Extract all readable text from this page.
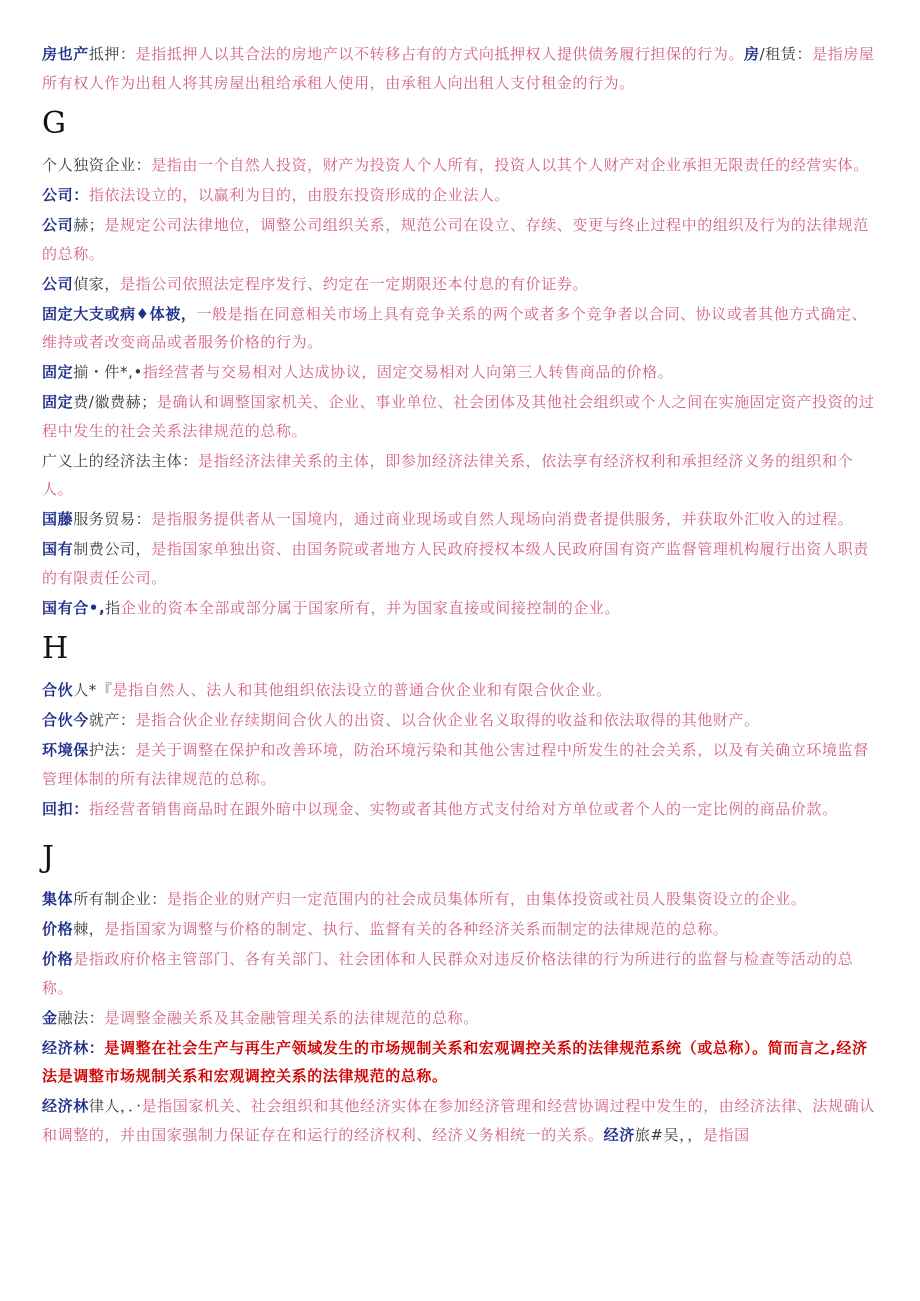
房也产抵押：是指抵押人以其合法的房地产以不转移占有的方式向抵押权人提供债务履行担保的行为。房/租赁：是指房屋所有权人作为出租人将其房屋出租给承租人使用，由承租人向出租人支付租金的行为。

G

个人独资企业：是指由一个自然人投资，财产为投资人个人所有，投资人以其个人财产对企业承担无限责任的经营实体。

公司：指依法设立的，以赢利为目的，由股东投资形成的企业法人。

公司赫；是规定公司法律地位，调整公司组织关系，规范公司在设立、存续、变更与终止过程中的组织及行为的法律规范的总称。

公司偵家，是指公司依照法定程序发行、约定在一定期限还本付息的有价证券。

固定大支或病♦体被，一般是指在同意相关市场上具有竞争关系的两个或者多个竞争者以合同、协议或者其他方式确定、维持或者改变商品或者服务价格的行为。

固定揃・件*,•指经营者与交易相对人达成协议，固定交易相对人向第三人转售商品的价格。

固定费/徽费赫；是确认和调整国家机关、企业、事业单位、社会团体及其他社会组织或个人之间在实施固定资产投资的过程中发生的社会关系法律规范的总称。

广义上的经济法主体：是指经济法律关系的主体，即参加经济法律关系，依法享有经济权利和承担经济义务的组织和个人。

国藤服务贸易：是指服务提供者从一国境内，通过商业现场或自然人现场向消费者提供服务，并获取外汇收入的过程。

国有制费公司，是指国家单独出资、由国务院或者地方人民政府授权本级人民政府国有资产监督管理机构履行出资人职责的有限责任公司。

国有合•,指企业的资本全部或部分属于国家所有，并为国家直接或间接控制的企业。

H

合伙人*『是指自然人、法人和其他组织依法设立的普通合伙企业和有限合伙企业。

合伙今就产：是指合伙企业存续期间合伙人的出资、以合伙企业名义取得的收益和依法取得的其他财产。

环境保护法：是关于调整在保护和改善环境，防治环境污染和其他公害过程中所发生的社会关系，以及有关确立环境监督管理体制的所有法律规范的总称。

回扣：指经营者销售商品时在跟外暗中以现金、实物或者其他方式支付给对方单位或者个人的一定比例的商品价款。

J

集体所有制企业：是指企业的财产归一定范围内的社会成员集体所有，由集体投资或社员人股集资设立的企业。

价格棘，是指国家为调整与价格的制定、执行、监督有关的各种经济关系而制定的法律规范的总称。

价格是指政府价格主管部门、各有关部门、社会团体和人民群众对违反价格法律的行为所进行的监督与检查等活动的总称。

金融法：是调整金融关系及其金融管理关系的法律规范的总称。

经济林：是调整在社会生产与再生产领域发生的市场规制关系和宏观调控关系的法律规范系统（或总称）。简而言之,经济法是调整市场规制关系和宏观调控关系的法律规范的总称。

经济林律人，．·是指国家机关、社会组织和其他经济实体在参加经济管理和经营协调过程中发生的，由经济法律、法规确认和调整的，并由国家强制力保证存在和运行的经济权利、经济义务相统一的关系。经济旅#吴，，是指国
